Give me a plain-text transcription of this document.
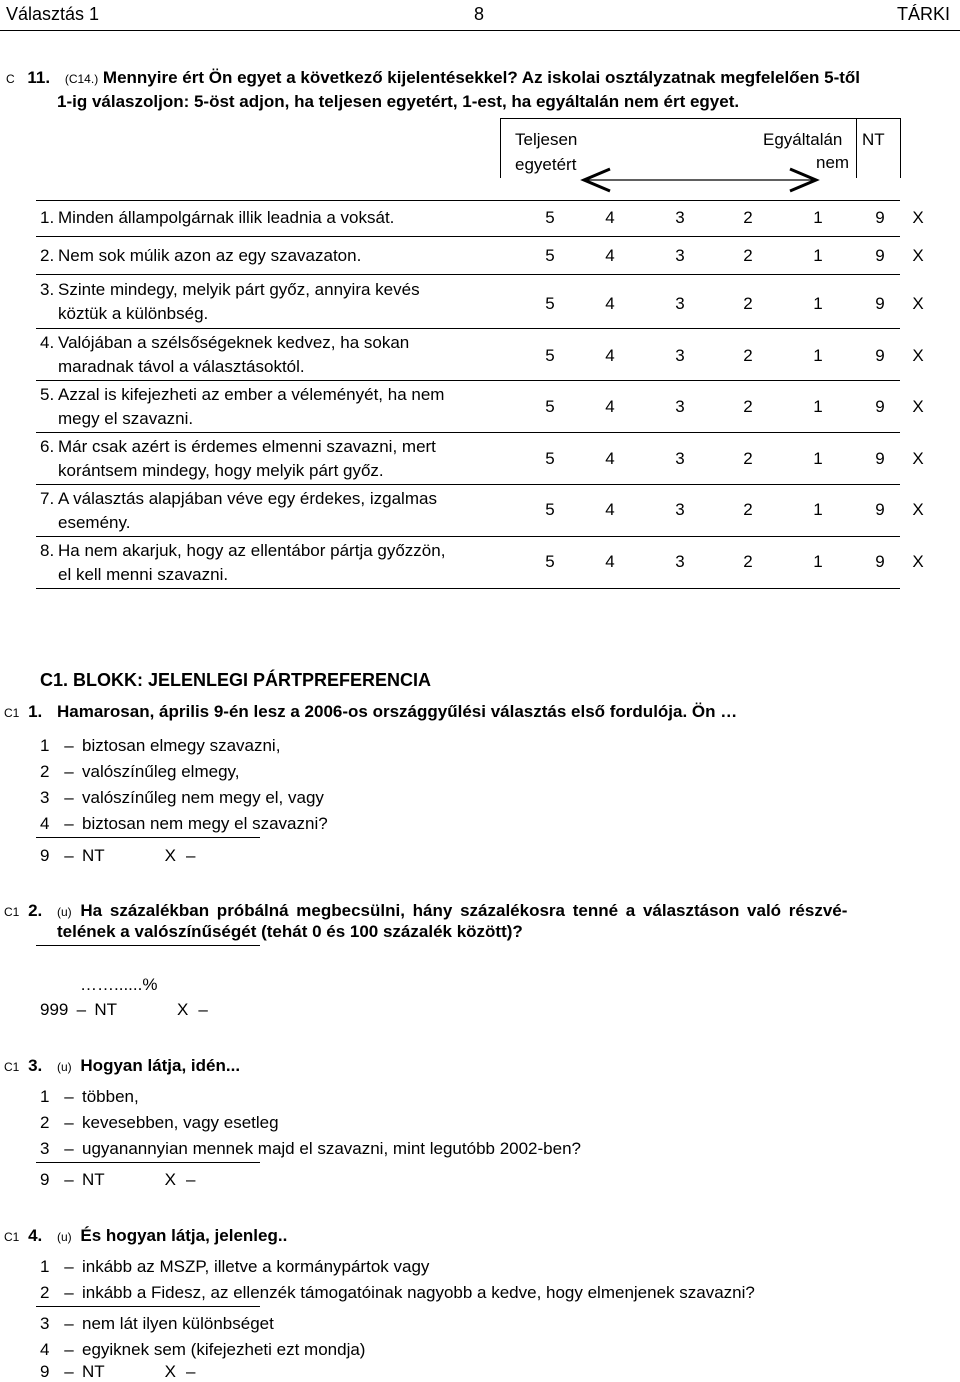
Választás 1	8	TÁRKI
C 11. (C14.) Mennyire ért Ön egyet a következő kijelentésekkel? Az iskolai osztályzatnak megfelelően 5-től
1-ig válaszoljon: 5-öst adjon, ha teljesen egyetért, 1-est, ha egyáltalán nem ért egyet.
Teljesen
egyetért
Egyáltalán
nem
NT
1. Minden állampolgárnak illik leadnia a voksát.	5	4	3	2	1	9	X
2. Nem sok múlik azon az egy szavazaton.	5	4	3	2	1	9	X
3. Szinte mindegy, melyik párt győz, annyira kevés
köztük a különbség.
5	4	3	2	1	9	X
4. Valójában a szélsőségeknek kedvez, ha sokan
maradnak távol a választásoktól.
5	4	3	2	1	9	X
5. Azzal is kifejezheti az ember a véleményét, ha nem
megy el szavazni.
5	4	3	2	1	9	X
6. Már csak azért is érdemes elmenni szavazni, mert
korántsem mindegy, hogy melyik párt győz.
5	4	3	2	1	9	X
7. A választás alapjában véve egy érdekes, izgalmas
esemény.
5	4	3	2	1	9	X
8. Ha nem akarjuk, hogy az ellentábor pártja győzzön,
el kell menni szavazni.
5	4	3	2	1	9	X
C1. BLOKK: JELENLEGI PÁRTPREFERENCIA
C1 1. Hamarosan, április 9-én lesz a 2006-os országgyűlési választás első fordulója. Ön …
1 – biztosan elmegy szavazni,
2 – valószínűleg elmegy,
3 – valószínűleg nem megy el, vagy
4 – biztosan nem megy el szavazni?
9 – NT	X –
C1 2. (u) Ha százalékban próbálná megbecsülni, hány százalékosra tenné a választáson való részvé-
telének a valószínűségét (tehát 0 és 100 százalék között)?
……......%
999 – NT	X –
C1 3. (u) Hogyan látja, idén...
1 – többen,
2 – kevesebben, vagy esetleg
3 – ugyanannyian mennek majd el szavazni, mint legutóbb 2002-ben?
9 – NT	X –
C1 4. (u) És hogyan látja, jelenleg..
1 – inkább az MSZP, illetve a kormánypártok vagy
2 – inkább a Fidesz, az ellenzék támogatóinak nagyobb a kedve, hogy elmenjenek szavazni?
3 – nem lát ilyen különbséget
4 – egyiknek sem (kifejezheti ezt mondja)
9 – NT	X –
